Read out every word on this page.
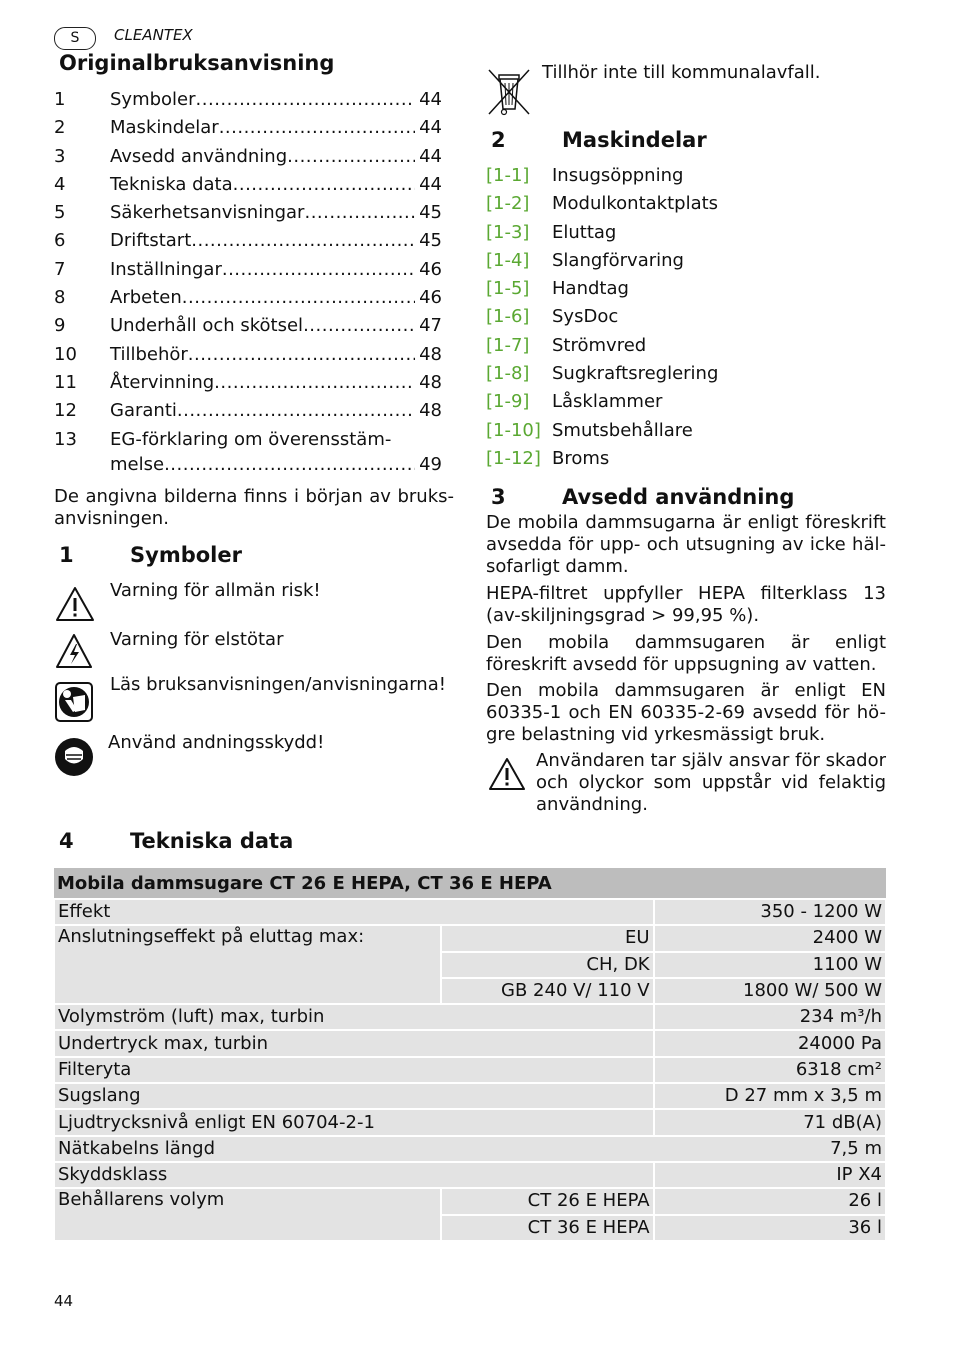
S	CLEANTEX
Originalbruksanvisning
1	Symboler .....	44
2	Maskindelar .....	44
3	Avsedd användning .....	44
4	Tekniska data .....	44
5	Säkerhetsanvisningar .....	45
6	Driftstart .....	45
7	Inställningar .....	46
8	Arbeten .....	46
9	Underhåll och skötsel .....	47
10	Tillbehör .....	48
11	Återvinning .....	48
12	Garanti .....	48
13	EG-förklaring om överensstäm-
melse .....	49
De angivna bilderna finns i början av bruks-anvisningen.
1	Symboler
Varning för allmän risk!
Varning för elstötar
Läs bruksanvisningen/anvisningarna!
Använd andningsskydd!
Tillhör inte till kommunalavfall.
2	Maskindelar
[1-1]	Insugsöppning
[1-2]	Modulkontaktplats
[1-3]	Eluttag
[1-4]	Slangförvaring
[1-5]	Handtag
[1-6]	SysDoc
[1-7]	Strömvred
[1-8]	Sugkraftsreglering
[1-9]	Låsklammer
[1-10] Smutsbehållare
[1-12] Broms
3	Avsedd användning
De mobila dammsugarna är enligt föreskrift avsedda för upp- och utsugning av icke häl-sofarligt damm.
HEPA-filtret uppfyller HEPA filterklass 13 (av-skiljningsgrad > 99,95 %).
Den mobila dammsugaren är enligt föreskrift avsedd för uppsugning av vatten.
Den mobila dammsugaren är enligt EN 60335-1 och EN 60335-2-69 avsedd för hö-gre belastning vid yrkesmässigt bruk.
Användaren tar själv ansvar för skador och olyckor som uppstår vid felaktig användning.
4	Tekniska data
Mobila dammsugare CT 26 E HEPA, CT 36 E HEPA		
Effekt		350 - 1200 W
Anslutningseffekt på eluttag max:	EU	2400 W
	CH, DK	1100 W
	GB 240 V/ 110 V	1800 W/ 500 W
Volymström (luft) max, turbin		234 m³/h
Undertryck max, turbin		24000 Pa
Filteryta		6318 cm²
Sugslang		D 27 mm x 3,5 m
Ljudtrycksnivå enligt EN 60704-2-1		71 dB(A)
Nätkabelns längd 7,5 m		

Skyddsklass		IP X4
Behållarens volym	CT 26 E HEPA	26 l
	CT 36 E HEPA	36 l
44
